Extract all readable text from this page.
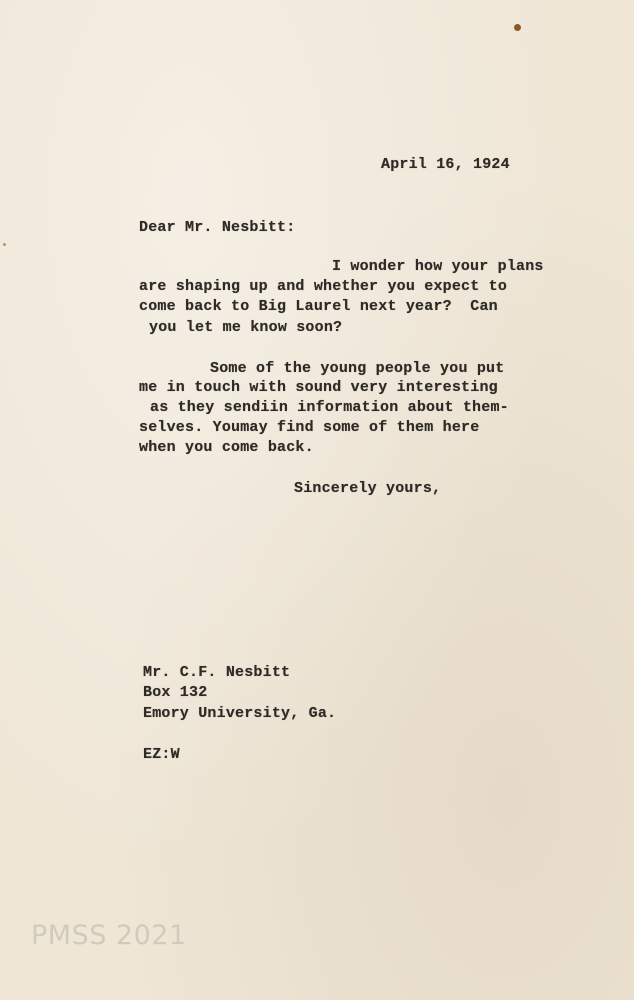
April 16, 1924
Dear Mr. Nesbitt:
I wonder how your plans
are shaping up and whether you expect to
come back to Big Laurel next year?  Can
you let me know soon?
Some of the young people you put
me in touch with sound very interesting
as they sendiin information about them-
selves. Youmay find some of them here
when you come back.
Sincerely yours,
Mr. C.F. Nesbitt
Box 132
Emory University, Ga.
EZ:W
PMSS 2021
